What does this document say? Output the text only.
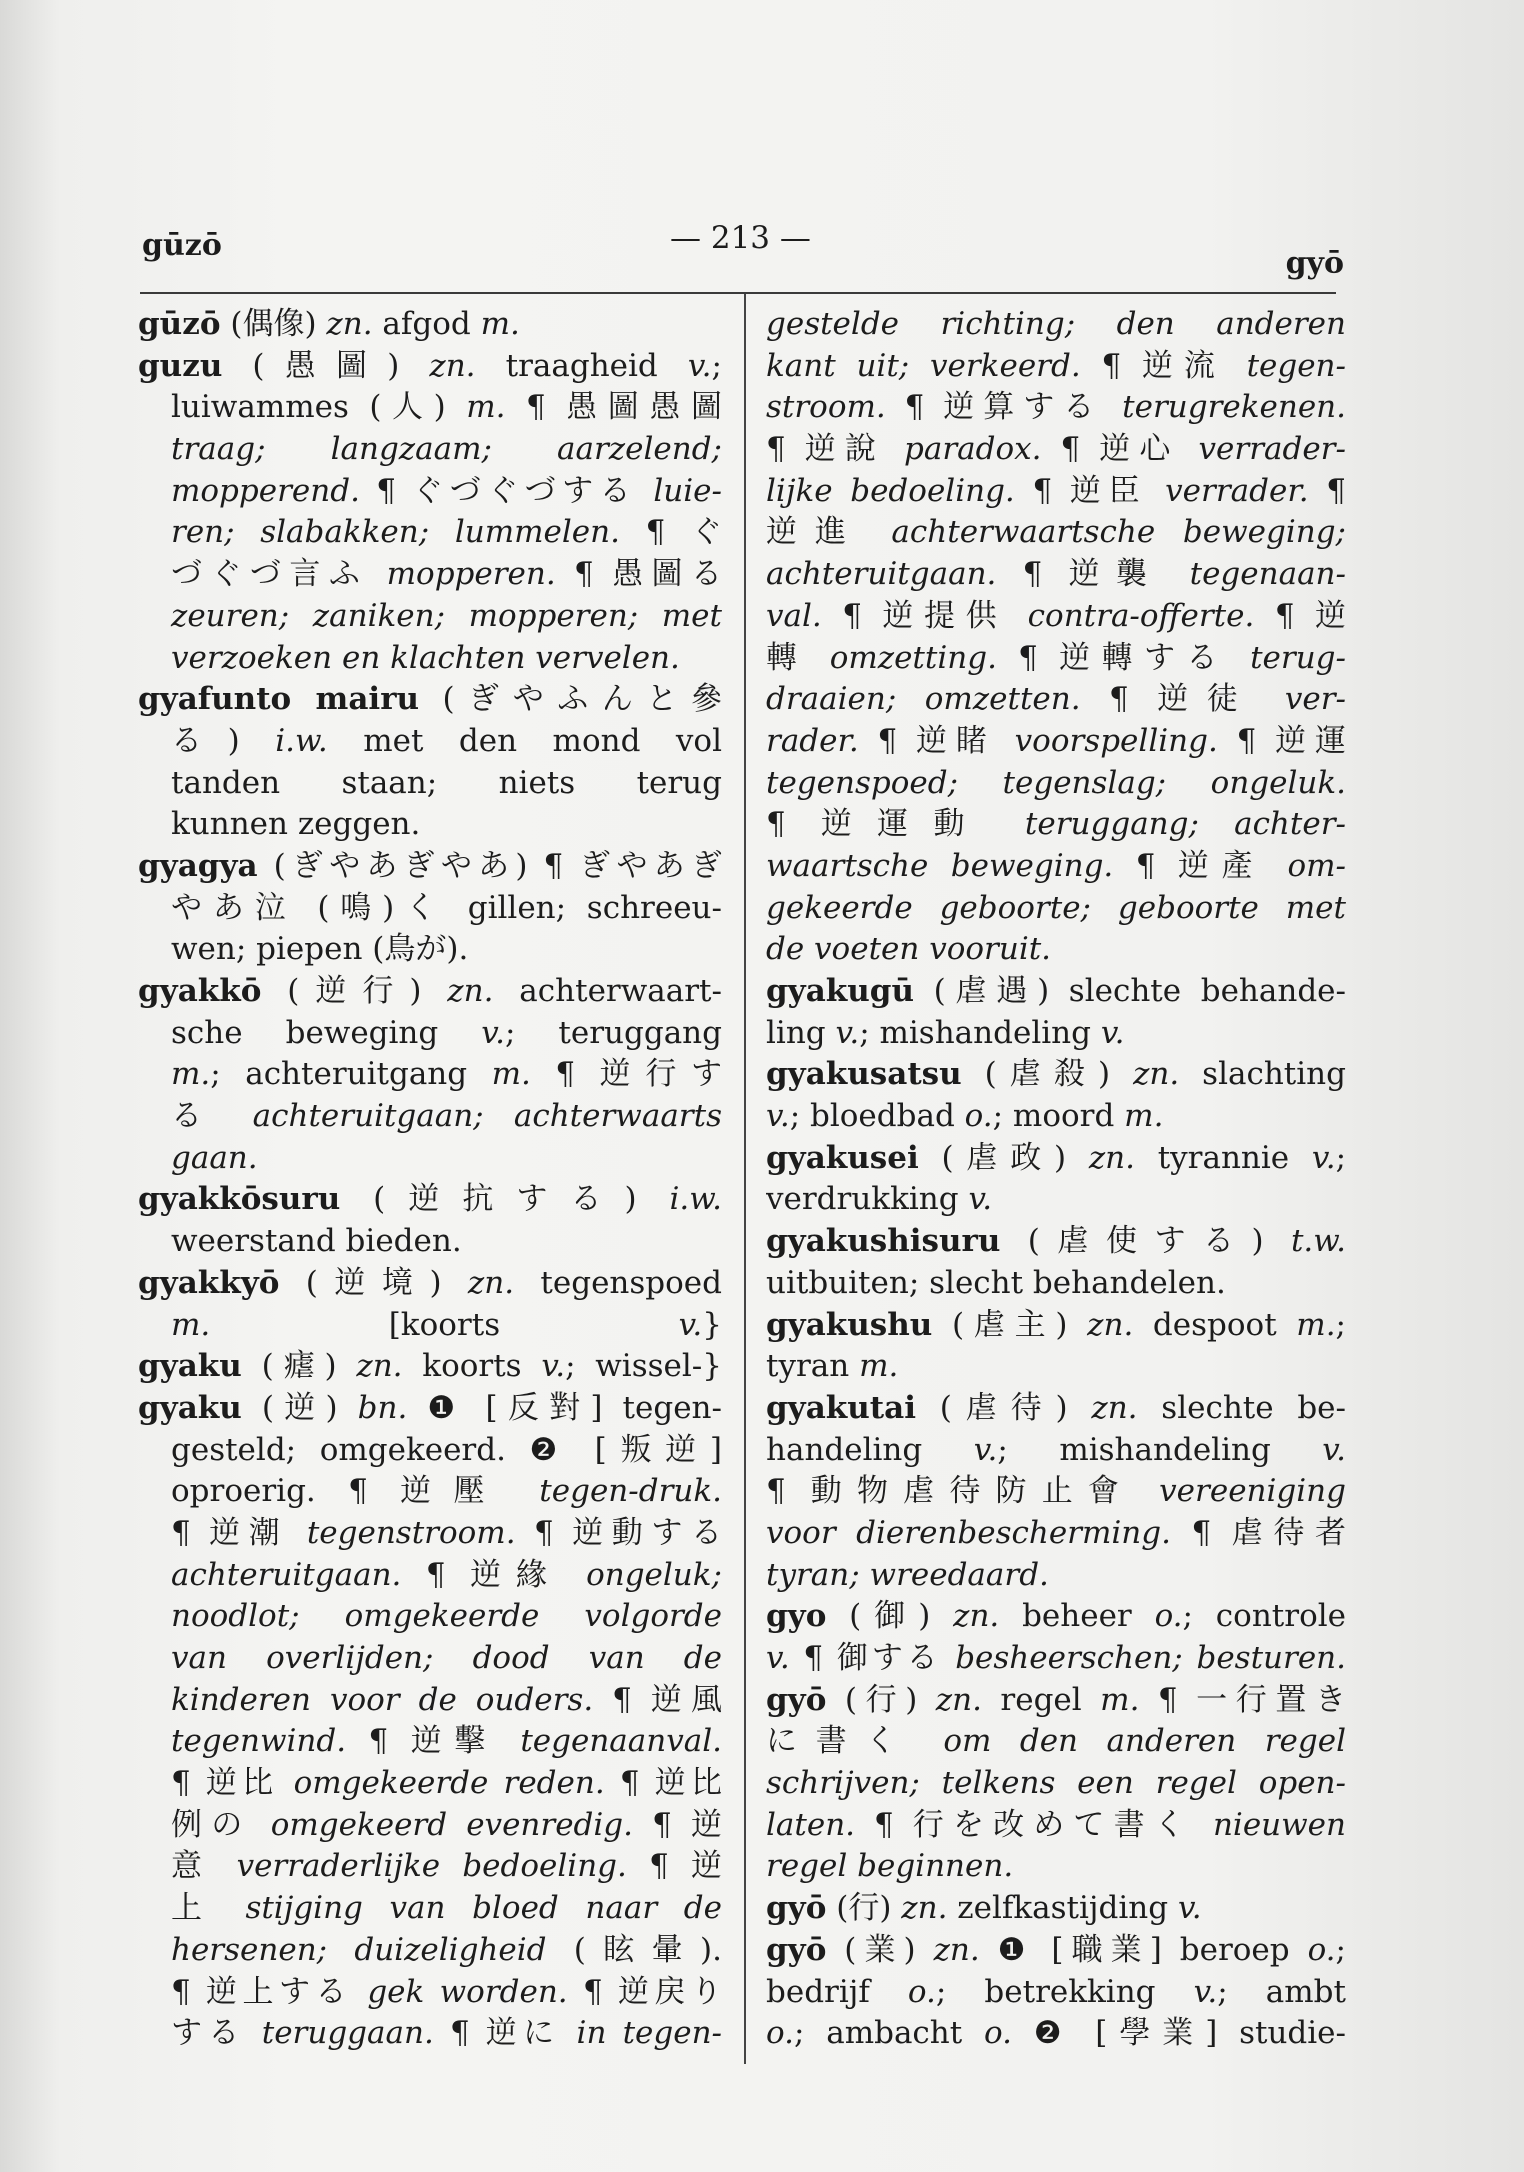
gūzō	— 213 —
gyō
gūzō (偶像) zn. afgod m.
guzu (愚圖) zn. traagheid v.;
luiwammes (人) m. ¶ 愚圖愚圖
traag; langzaam; aarzelend;
mopperend. ¶ ぐづぐづする luie-
ren; slabakken; lummelen. ¶ ぐ
づぐづ言ふ mopperen. ¶ 愚圖る
zeuren; zaniken; mopperen; met
verzoeken en klachten vervelen.
gyafunto mairu (ぎやふんと參
る) i.w. met den mond vol
tanden staan; niets terug
kunnen zeggen.
gyagya (ぎやあぎやあ) ¶ ぎやあぎ
やあ泣 (鳴)く gillen; schreeu-
wen; piepen (鳥が).
gyakkō (逆行) zn. achterwaart-
sche beweging v.; teruggang
m.; achteruitgang m. ¶ 逆行す
る achteruitgaan; achterwaarts
gaan.
gyakkōsuru (逆抗する) i.w.
weerstand bieden.
gyakkyō (逆境) zn. tegenspoed
m. [koorts v.}
gyaku (瘧) zn. koorts v.; wissel-}
gyaku (逆) bn. ❶ [反對] tegen-
gesteld; omgekeerd. ❷ [叛逆]
oproerig. ¶ 逆壓 tegen-druk.
¶ 逆潮 tegenstroom. ¶ 逆動する
achteruitgaan. ¶ 逆緣 ongeluk;
noodlot; omgekeerde volgorde
van overlijden; dood van de
kinderen voor de ouders. ¶ 逆風
tegenwind. ¶ 逆擊 tegenaanval.
¶ 逆比 omgekeerde reden. ¶ 逆比
例の omgekeerd evenredig. ¶ 逆
意 verraderlijke bedoeling. ¶ 逆
上 stijging van bloed naar de
hersenen; duizeligheid (眩暈).
¶ 逆上する gek worden. ¶ 逆戻り
する teruggaan. ¶ 逆に in tegen-
gestelde richting; den anderen
kant uit; verkeerd. ¶ 逆流 tegen-
stroom. ¶ 逆算する terugrekenen.
¶ 逆說 paradox. ¶ 逆心 verrader-
lijke bedoeling. ¶ 逆臣 verrader. ¶
逆進 achterwaartsche beweging;
achteruitgaan. ¶ 逆襲 tegenaan-
val. ¶ 逆提供 contra-offerte. ¶ 逆
轉 omzetting. ¶ 逆轉する terug-
draaien; omzetten. ¶ 逆徒 ver-
rader. ¶ 逆睹 voorspelling. ¶ 逆運
tegenspoed; tegenslag; ongeluk.
¶ 逆運動 teruggang; achter-
waartsche beweging. ¶ 逆產 om-
gekeerde geboorte; geboorte met
de voeten vooruit.
gyakugū (虐遇) slechte behande-
ling v.; mishandeling v.
gyakusatsu (虐殺) zn. slachting
v.; bloedbad o.; moord m.
gyakusei (虐政) zn. tyrannie v.;
verdrukking v.
gyakushisuru (虐使する) t.w.
uitbuiten; slecht behandelen.
gyakushu (虐主) zn. despoot m.;
tyran m.
gyakutai (虐待) zn. slechte be-
handeling v.; mishandeling v.
¶ 動物虐待防止會 vereeniging
voor dierenbescherming. ¶ 虐待者
tyran; wreedaard.
gyo (御) zn. beheer o.; controle
v. ¶ 御する besheerschen; besturen.
gyō (行) zn. regel m. ¶ 一行置き
に書く om den anderen regel
schrijven; telkens een regel open-
laten. ¶ 行を改めて書く nieuwen
regel beginnen.
gyō (行) zn. zelfkastijding v.
gyō (業) zn. ❶ [職業] beroep o.;
bedrijf o.; betrekking v.; ambt
o.; ambacht o. ❷ [學業] studie-
